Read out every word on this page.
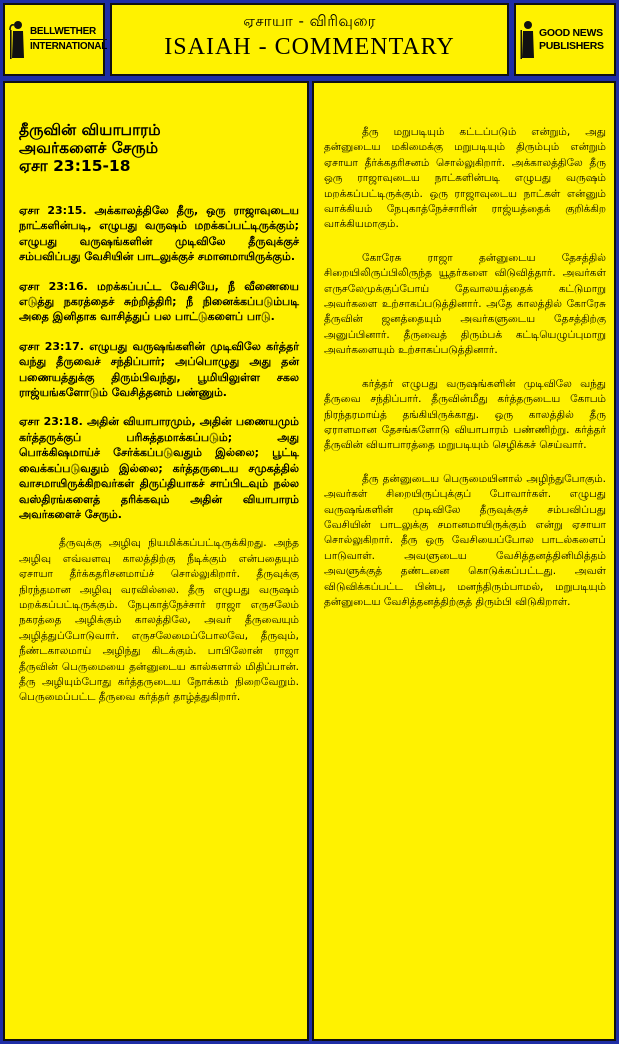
BELLWETHER
INTERNATIONAL
ஏசாயா - விரிவுரை
ISAIAH - COMMENTARY
GOOD NEWS
PUBLISHERS
தீருவின் வியாபாரம்
அவர்களைச் சேரும்
ஏசா 23:15-18

ஏசா 23:15. அக்காலத்திலே தீரு, ஒரு ராஜாவுடைய நாட்களின்படி, எழுபது வருஷம் மறக்கப்பட்டிருக்கும்; எழுபது வருஷங்களின் முடிவிலே தீருவுக்குச் சம்பவிப்பது வேசியின் பாடலுக்குச் சமானமாயிருக்கும்.

ஏசா 23:16. மறக்கப்பட்ட வேசியே, நீ வீணையை எடுத்து நகரத்தைச் சுற்றித்திரி; நீ நினைக்கப்படும்படி அதை இனிதாக வாசித்துப் பல பாட்டுகளைப் பாடு.

ஏசா 23:17. எழுபது வருஷங்களின் முடிவிலே கர்த்தர் வந்து தீருவைச் சந்திப்பார்; அப்பொழுது அது தன் பணையத்துக்கு திரும்பிவந்து, பூமியிலுள்ள சகல ராஜ்யங்களோடும் வேசித்தனம் பண்ணும்.

ஏசா 23:18. அதின் வியாபாரமும், அதின் பணையமும் கர்த்தருக்குப் பரிசுத்தமாக்கப்படும்; அது பொக்கிஷமாய்ச் சேர்க்கப்படுவதும் இல்லை; பூட்டி வைக்கப்படுவதும் இல்லை; கர்த்தருடைய சமுகத்தில் வாசமாயிருக்கிறவர்கள் திருப்தியாகச் சாப்பிடவும் நல்ல வஸ்திரங்களைத் தரிக்கவும் அதின் வியாபாரம் அவர்களைச் சேரும்.

தீருவுக்கு அழிவு நியமிக்கப்பட்டிருக்கிறது. அந்த அழிவு எவ்வளவு காலத்திற்கு நீடிக்கும் என்பதையும் ஏசாயா தீர்க்கதரிசனமாய்ச் சொல்லுகிறார். தீருவுக்கு நிரந்தமான அழிவு வரவில்லை. தீரு எழுபது வருஷம் மறக்கப்பட்டிருக்கும். நேபுகாத்நேச்சார் ராஜா எருசலேம் நகரத்தை அழிக்கும் காலத்திலே, அவர் தீருவையும் அழித்துப்போடுவார். எருசலேமைப்போலவே, தீருவும், நீண்டகாலமாய் அழிந்து கிடக்கும். பாபிலோன் ராஜா தீருவின் பெருமையை தன்னுடைய கால்களால் மிதிப்பான். தீரு அழியும்போது கர்த்தருடைய நோக்கம் நிறைவேறும். பெருமைப்பட்ட தீருவை கர்த்தர் தாழ்த்துகிறார்.

தீரு மறுபடியும் கட்டப்படும் என்றும், அது தன்னுடைய மகிமைக்கு மறுபடியும் திரும்பும் என்றும் ஏசாயா தீர்க்கதரிசனம் சொல்லுகிறார். அக்காலத்திலே தீரு ஒரு ராஜாவுடைய நாட்களின்படி எழுபது வருஷம் மறக்கப்பட்டிருக்கும். ஒரு ராஜாவுடைய நாட்கள் என்னும் வாக்கியம் நேபுகாத்நேச்சாரின் ராஜ்யத்தைக் குறிக்கிற வாக்கியமாகும்.

கோரேசு ராஜா தன்னுடைய தேசத்தில் சிறையிலிருப்பிலிருந்த யூதர்களை விடுவித்தார். அவர்கள் எருசலேமுக்குப்போய் தேவாலயத்தைக் கட்டுமாறு அவர்களை உற்சாகப்படுத்தினார். அதே காலத்தில் கோரேசு தீருவின் ஜனத்தையும் அவர்களுடைய தேசத்திற்கு அனுப்பினார். தீருவைத் திரும்பக் கட்டியெழுப்புமாறு அவர்களையும் உற்சாகப்படுத்தினார்.

கர்த்தர் எழுபது வருஷங்களின் முடிவிலே வந்து தீருவை சந்திப்பார். தீருவின்மீது கர்த்தருடைய கோபம் நிரந்தரமாய்த் தங்கியிருக்காது. ஒரு காலத்தில் தீரு ஏராளமான தேசங்களோடு வியாபாரம் பண்ணிற்று. கர்த்தர் தீருவின் வியாபாரத்தை மறுபடியும் செழிக்கச் செய்வார்.

தீரு தன்னுடைய பெருமையினால் அழிந்துபோகும். அவர்கள் சிறையிருப்புக்குப் போவார்கள். எழுபது வருஷங்களின் முடிவிலே தீருவுக்குச் சம்பவிப்பது வேசியின் பாடலுக்கு சமானமாயிருக்கும் என்று ஏசாயா சொல்லுகிறார். தீரு ஒரு வேசியைப்போல பாடல்களைப் பாடுவாள். அவளுடைய வேசித்தனத்தினிமித்தம் அவளுக்குத் தண்டனை கொடுக்கப்பட்டது. அவள் விடுவிக்கப்பட்ட பின்பு, மனந்திரும்பாமல், மறுபடியும் தன்னுடைய வேசித்தனத்திற்குத் திரும்பி விடுகிறாள்.
